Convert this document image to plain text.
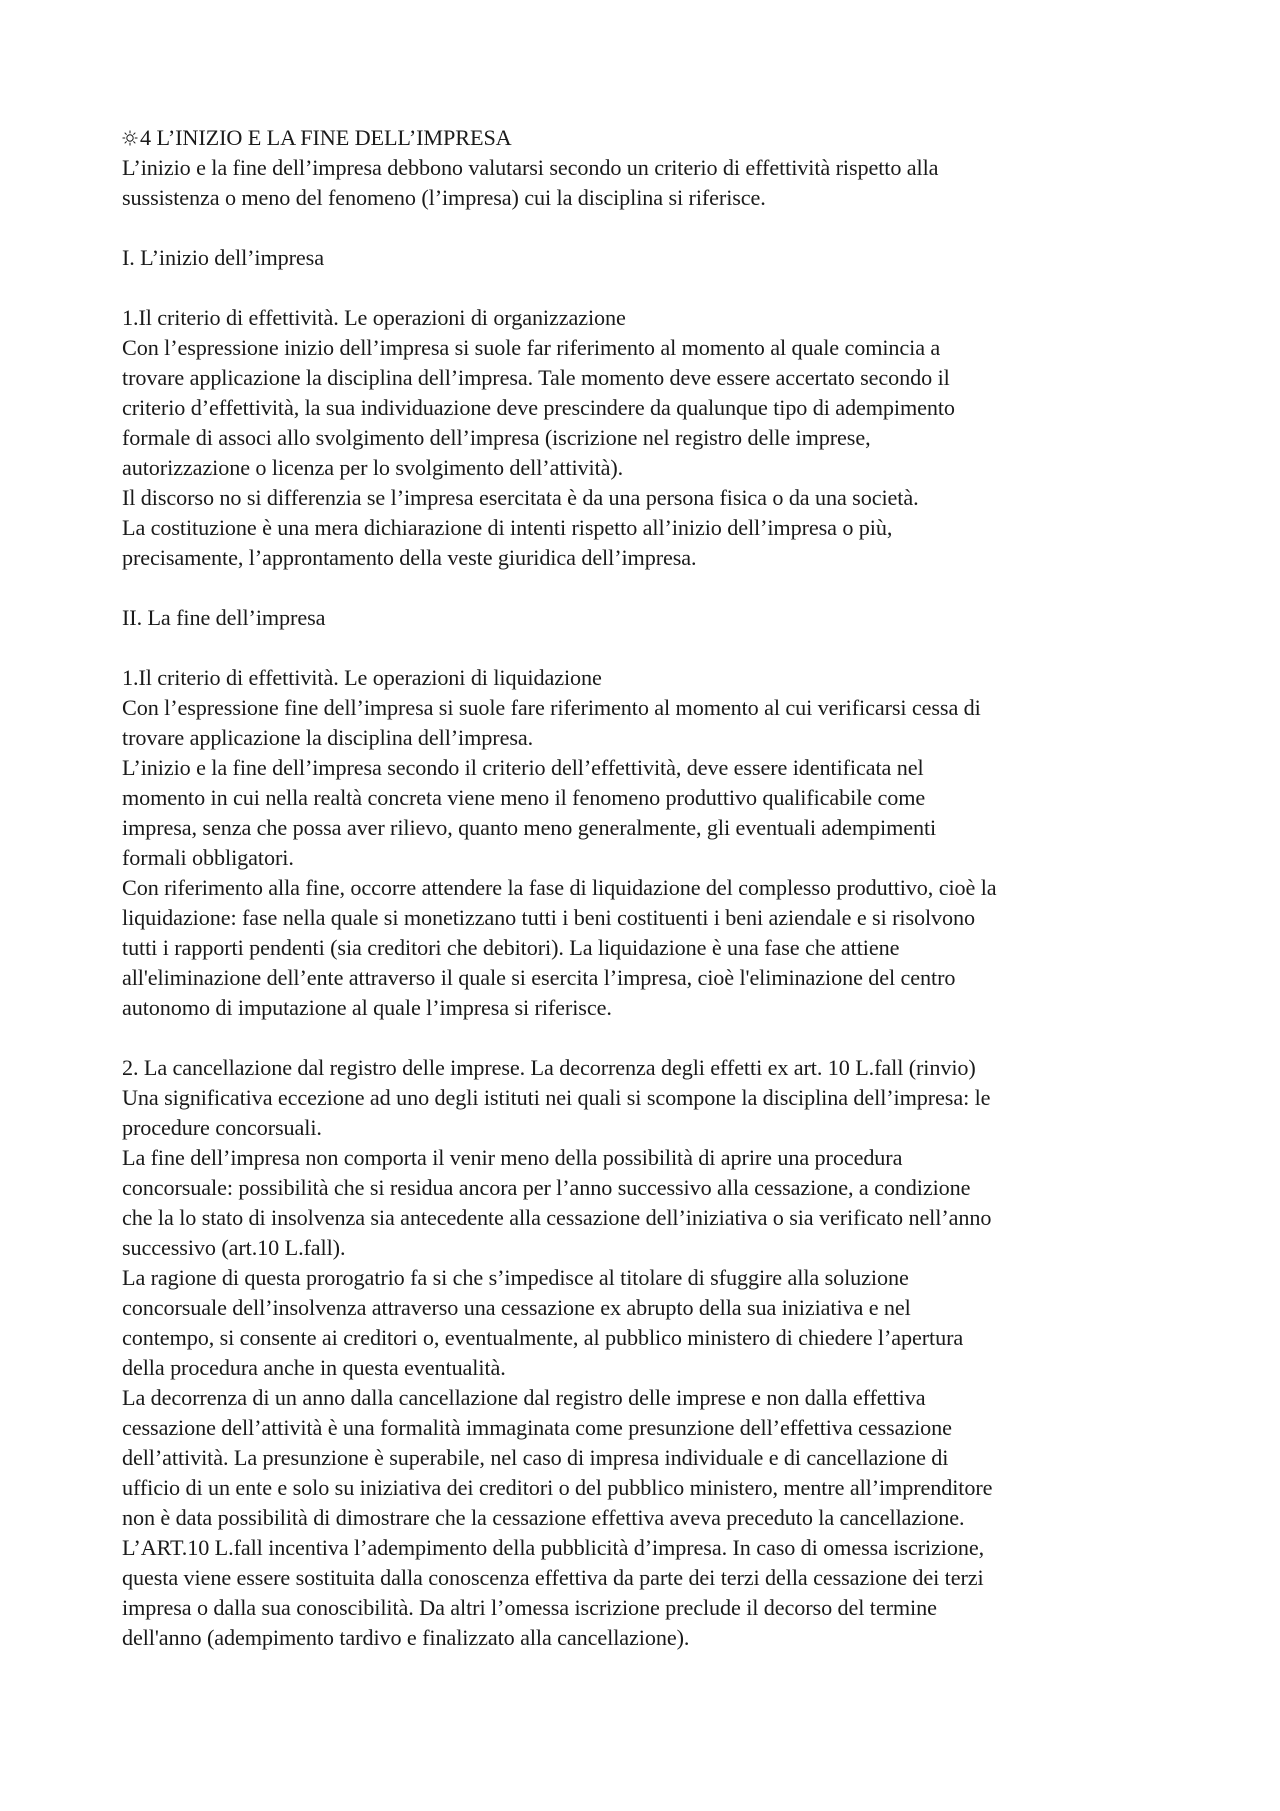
4 L’INIZIO E LA FINE DELL’IMPRESA
L’inizio e la fine dell’impresa debbono valutarsi secondo un criterio di effettività rispetto alla
sussistenza o meno del fenomeno (l’impresa) cui la disciplina si riferisce.
I. L’inizio dell’impresa
1.Il criterio di effettività. Le operazioni di organizzazione
Con l’espressione inizio dell’impresa si suole far riferimento al momento al quale comincia a
trovare applicazione la disciplina dell’impresa. Tale momento deve essere accertato secondo il
criterio d’effettività, la sua individuazione deve prescindere da qualunque tipo di adempimento
formale di associ allo svolgimento dell’impresa (iscrizione nel registro delle imprese,
autorizzazione o licenza per lo svolgimento dell’attività).
Il discorso no si differenzia se l’impresa esercitata è da una persona fisica o da una società.
La costituzione è una mera dichiarazione di intenti rispetto all’inizio dell’impresa o più,
precisamente, l’approntamento della veste giuridica dell’impresa.
II. La fine dell’impresa
1.Il criterio di effettività. Le operazioni di liquidazione
Con l’espressione fine dell’impresa si suole fare riferimento al momento al cui verificarsi cessa di
trovare applicazione la disciplina dell’impresa.
L’inizio e la fine dell’impresa secondo il criterio dell’effettività, deve essere identificata nel
momento in cui nella realtà concreta viene meno il fenomeno produttivo qualificabile come
impresa, senza che possa aver rilievo, quanto meno generalmente, gli eventuali adempimenti
formali obbligatori.
Con riferimento alla fine, occorre attendere la fase di liquidazione del complesso produttivo, cioè la
liquidazione: fase nella quale si monetizzano tutti i beni costituenti i beni aziendale e si risolvono
tutti i rapporti pendenti (sia creditori che debitori). La liquidazione è una fase che attiene
all'eliminazione dell’ente attraverso il quale si esercita l’impresa, cioè l'eliminazione del centro
autonomo di imputazione al quale l’impresa si riferisce.
2. La cancellazione dal registro delle imprese. La decorrenza degli effetti ex art. 10 L.fall (rinvio)
Una significativa eccezione ad uno degli istituti nei quali si scompone la disciplina dell’impresa: le
procedure concorsuali.
La fine dell’impresa non comporta il venir meno della possibilità di aprire una procedura
concorsuale: possibilità che si residua ancora per l’anno successivo alla cessazione, a condizione
che la lo stato di insolvenza sia antecedente alla cessazione dell’iniziativa o sia verificato nell’anno
successivo (art.10 L.fall).
La ragione di questa prorogatrio fa si che s’impedisce al titolare di sfuggire alla soluzione
concorsuale dell’insolvenza attraverso una cessazione ex abrupto della sua iniziativa e nel
contempo, si consente ai creditori o, eventualmente, al pubblico ministero di chiedere l’apertura
della procedura anche in questa eventualità.
La decorrenza di un anno dalla cancellazione dal registro delle imprese e non dalla effettiva
cessazione dell’attività è una formalità immaginata come presunzione dell’effettiva cessazione
dell’attività. La presunzione è superabile, nel caso di impresa individuale e di cancellazione di
ufficio di un ente e solo su iniziativa dei creditori o del pubblico ministero, mentre all’imprenditore
non è data possibilità di dimostrare che la cessazione effettiva aveva preceduto la cancellazione.
L’ART.10 L.fall incentiva l’adempimento della pubblicità d’impresa. In caso di omessa iscrizione,
questa viene essere sostituita dalla conoscenza effettiva da parte dei terzi della cessazione dei terzi
impresa o dalla sua conoscibilità. Da altri l’omessa iscrizione preclude il decorso del termine
dell'anno (adempimento tardivo e finalizzato alla cancellazione).
